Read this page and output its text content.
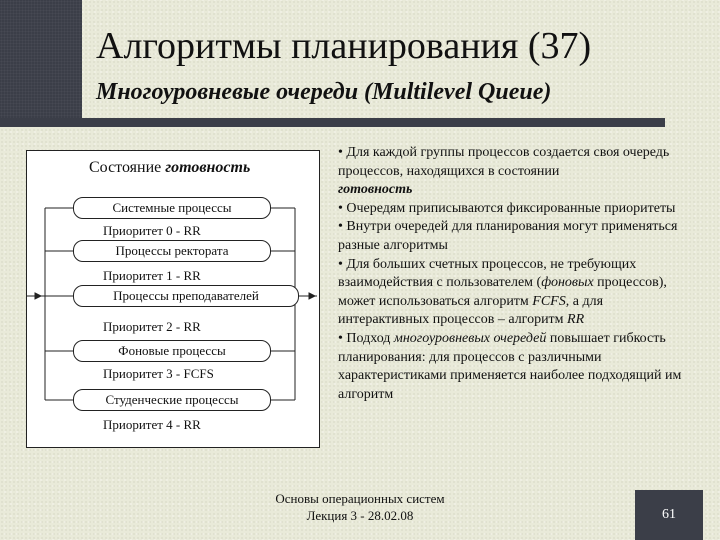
Алгоритмы планирования (37)
Многоуровневые очереди (Multilevel Queue)
Состояние готовность
Системные процессы
Приоритет 0 - RR
Процессы ректората
Приоритет 1 - RR
Процессы преподавателей
Приоритет 2 - RR
Фоновые процессы
Приоритет 3 - FCFS
Студенческие процессы
Приоритет 4 - RR

• Для каждой группы процессов создается своя очередь процессов, находящихся в состоянии
готовность

• Очередям приписываются фиксированные приоритеты

• Внутри очередей для планирования могут применяться разные алгоритмы

• Для больших счетных процессов, не требующих взаимодействия с пользователем (фоновых процессов), может использоваться алгоритм FCFS, а для интерактивных процессов – алгоритм RR

• Подход многоуровневых очередей повышает гибкость планирования: для процессов с различными характеристиками применяется наиболее подходящий им алгоритм

Основы операционных систем
Лекция 3 - 28.02.08	61
